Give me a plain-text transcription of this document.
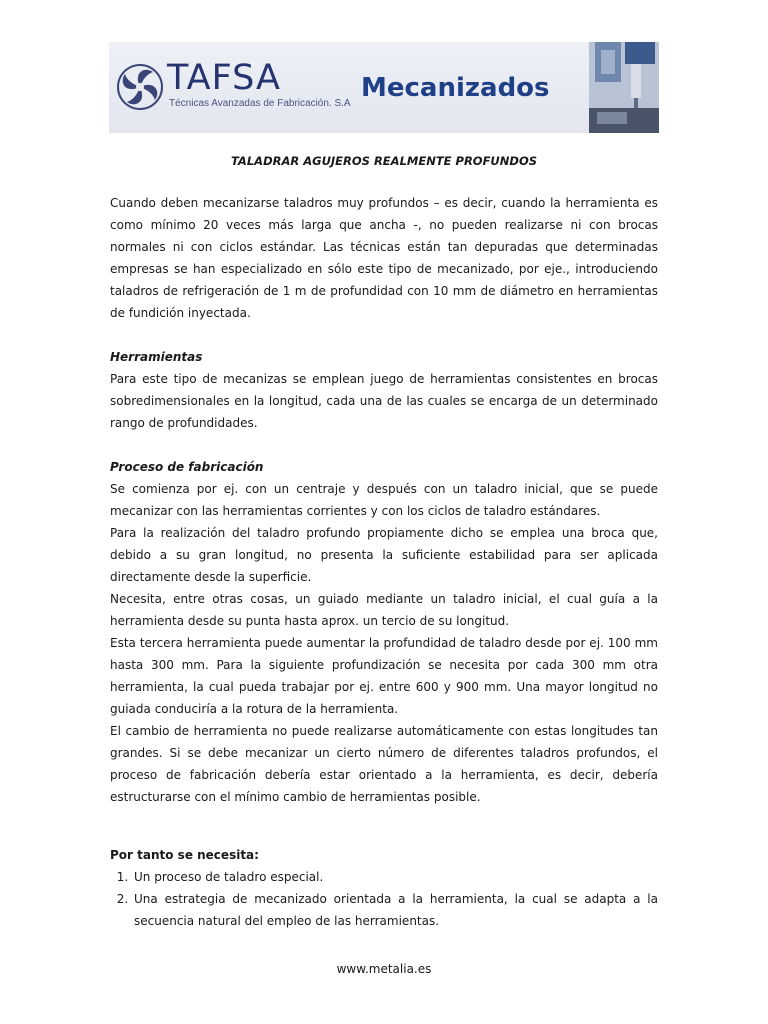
TAFSA
Técnicas Avanzadas de Fabricación. S.A
Mecanizados
TALADRAR AGUJEROS REALMENTE PROFUNDOS

Cuando deben mecanizarse taladros muy profundos – es decir, cuando la herramienta es como mínimo 20 veces más larga que ancha -, no pueden realizarse ni con brocas normales ni con ciclos estándar. Las técnicas están tan depuradas que determinadas empresas se han especializado en sólo este tipo de mecanizado, por eje., introduciendo taladros de refrigeración de 1 m de profundidad con 10 mm de diámetro en herramientas de fundición inyectada.

Herramientas

Para este tipo de mecanizas se emplean juego de herramientas consistentes en brocas sobredimensionales en la longitud, cada una de las cuales se encarga de un determinado rango de profundidades.

Proceso de fabricación

Se comienza por ej. con un centraje y después con un taladro inicial, que se puede mecanizar con las herramientas corrientes y con los ciclos de taladro estándares.

Para la realización del taladro profundo propiamente dicho se emplea una broca que, debido a su gran longitud, no presenta la suficiente estabilidad para ser aplicada directamente desde la superficie.

Necesita, entre otras cosas, un guiado mediante un taladro inicial, el cual guía a la herramienta desde su punta hasta aprox. un tercio de su longitud.

Esta tercera herramienta puede aumentar la profundidad de taladro desde por ej. 100 mm hasta 300 mm. Para la siguiente profundización se necesita por cada 300 mm otra herramienta, la cual pueda trabajar por ej. entre 600 y 900 mm. Una mayor longitud no guiada conduciría a la rotura de la herramienta.

El cambio de herramienta no puede realizarse automáticamente con estas longitudes tan grandes. Si se debe mecanizar un cierto número de diferentes taladros profundos, el proceso de fabricación debería estar orientado a la herramienta, es decir, debería estructurarse con el mínimo cambio de herramientas posible.

Por tanto se necesita:
1. Un proceso de taladro especial.
2. Una estrategia de mecanizado orientada a la herramienta, la cual se adapta a la secuencia natural del empleo de las herramientas.
www.metalia.es
